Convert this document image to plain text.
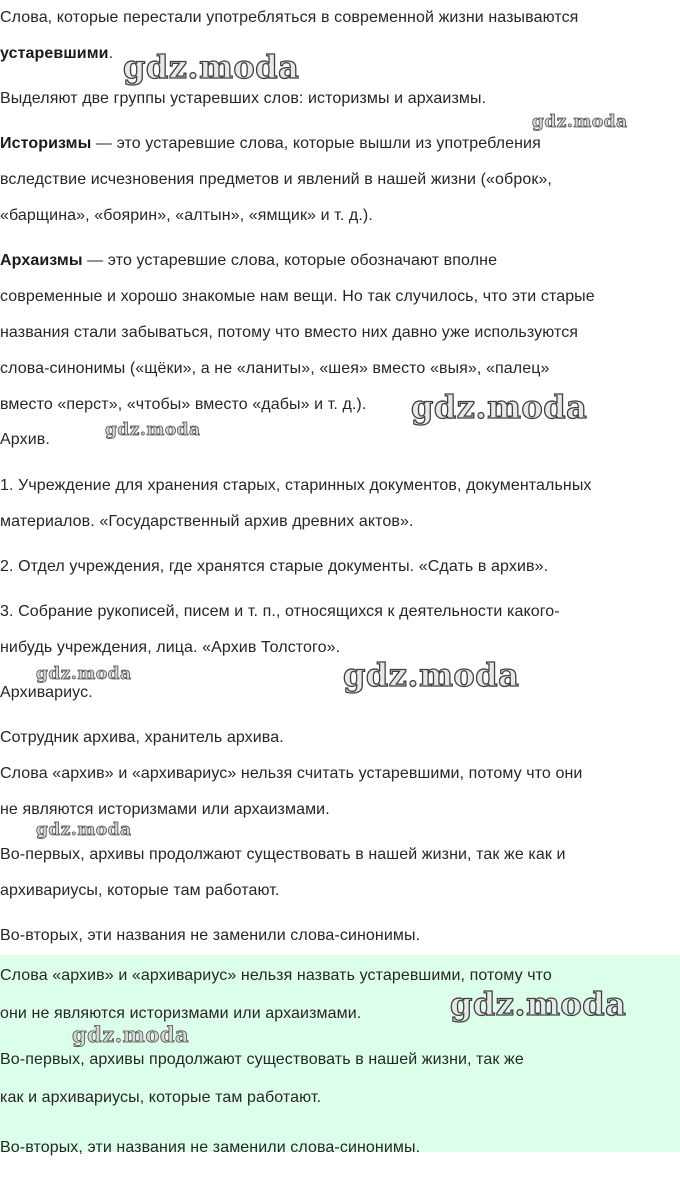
Слова, которые перестали употребляться в современной жизни называются
устаревшими.

Выделяют две группы устаревших слов: историзмы и архаизмы.

Историзмы — это устаревшие слова, которые вышли из употребления
вследствие исчезновения предметов и явлений в нашей жизни («оброк»,
«барщина», «боярин», «алтын», «ямщик» и т. д.).

Архаизмы — это устаревшие слова, которые обозначают вполне
современные и хорошо знакомые нам вещи. Но так случилось, что эти старые
названия стали забываться, потому что вместо них давно уже используются
слова-синонимы («щёки», а не «ланиты», «шея» вместо «выя», «палец»
вместо «перст», «чтобы» вместо «дабы» и т. д.).

Архив.

1. Учреждение для хранения старых, старинных документов, документальных
материалов. «Государственный архив древних актов».

2. Отдел учреждения, где хранятся старые документы. «Сдать в архив».

3. Собрание рукописей, писем и т. п., относящихся к деятельности какого-
нибудь учреждения, лица. «Архив Толстого».

Архивариус.

Сотрудник архива, хранитель архива.

Слова «архив» и «архивариус» нельзя считать устаревшими, потому что они
не являются историзмами или архаизмами.

Во-первых, архивы продолжают существовать в нашей жизни, так же как и
архивариусы, которые там работают.

Во-вторых, эти названия не заменили слова-синонимы.

Слова «архив» и «архивариус» нельзя назвать устаревшими, потому что
они не являются историзмами или архаизмами.

Во-первых, архивы продолжают существовать в нашей жизни, так же
как и архивариусы, которые там работают.

Во-вторых, эти названия не заменили слова-синонимы.

gdz.moda
gdz.moda
gdz.moda
gdz.moda
gdz.moda	gdz.moda
gdz.moda
gdz.moda
gdz.moda
